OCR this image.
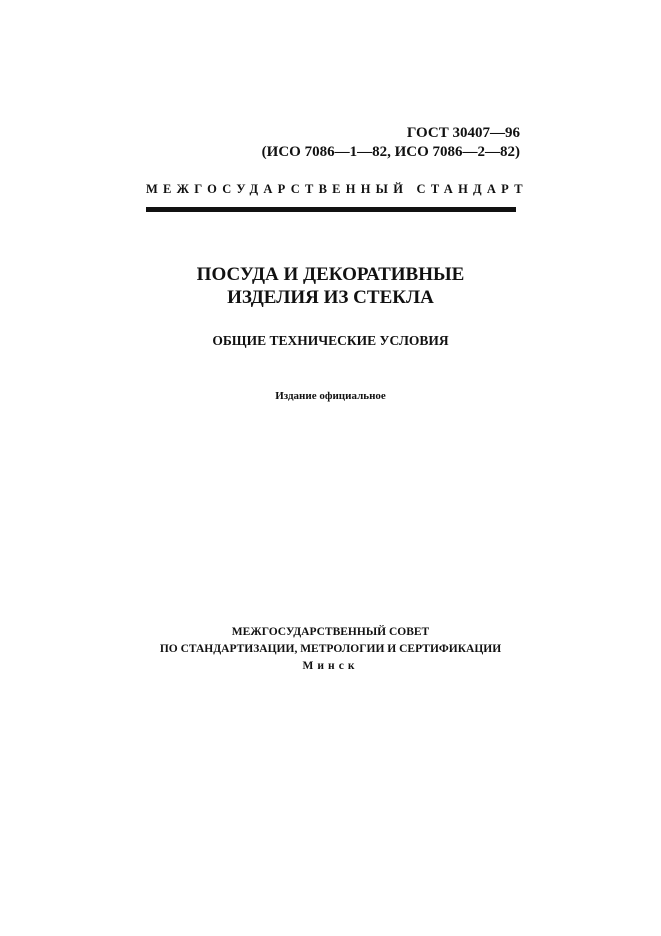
ГОСТ 30407—96
(ИСО 7086—1—82, ИСО 7086—2—82)
МЕЖГОСУДАРСТВЕННЫЙ СТАНДАРТ
ПОСУДА И ДЕКОРАТИВНЫЕ
ИЗДЕЛИЯ ИЗ СТЕКЛА
ОБЩИЕ ТЕХНИЧЕСКИЕ УСЛОВИЯ
Издание официальное
МЕЖГОСУДАРСТВЕННЫЙ СОВЕТ
ПО СТАНДАРТИЗАЦИИ, МЕТРОЛОГИИ И СЕРТИФИКАЦИИ
Минск
